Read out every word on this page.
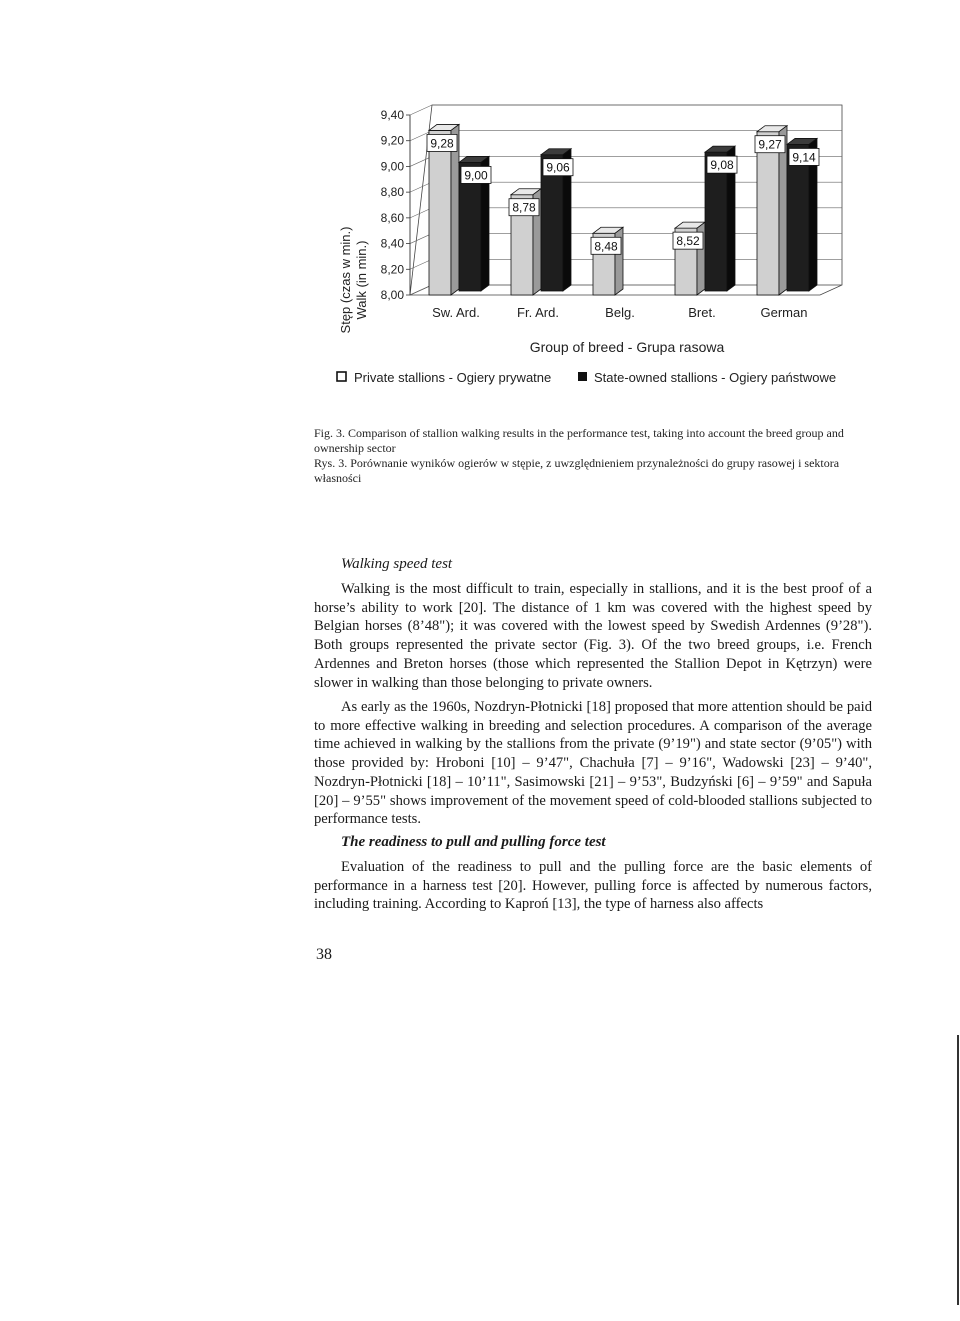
9,40
9,20
9,00
8,80
8,60
8,40
8,20
8,00
Sw. Ard.
9,28
9,00
Fr. Ard.
8,78
9,06
Belg.
8,48
Bret.
8,52
9,08
German
9,27
9,14
Stęp (czas w min.) Walk (in min.)
Group of breed - Grupa rasowa
Private stallions - Ogiery prywatne	State-owned stallions - Ogiery państwowe
Fig. 3. Comparison of stallion walking results in the performance test, taking into account the breed group and ownership sector
Rys. 3. Porównanie wyników ogierów w stępie, z uwzględnieniem przynależności do grupy rasowej i sektora własności
Walking speed test

Walking is the most difficult to train, especially in stallions, and it is the best proof of a horse’s ability to work [20]. The distance of 1 km was covered with the highest speed by Belgian horses (8’48"); it was covered with the lowest speed by Swedish Ardennes (9’28"). Both groups represented the private sector (Fig. 3). Of the two breed groups, i.e. French Ardennes and Breton horses (those which represented the Stallion Depot in Kętrzyn) were slower in walking than those belonging to private owners.

As early as the 1960s, Nozdryn-Płotnicki [18] proposed that more attention should be paid to more effective walking in breeding and selection procedures. A comparison of the average time achieved in walking by the stallions from the private (9’19") and state sector (9’05") with those provided by: Hroboni [10] – 9’47", Chachuła [7] – 9’16", Wadowski [23] – 9’40", Nozdryn-Płotnicki [18] – 10’11", Sasimowski [21] – 9’53", Budzyński [6] – 9’59" and Sapuła [20] – 9’55" shows improvement of the movement speed of cold-blooded stallions subjected to performance tests.

The readiness to pull and pulling force test

Evaluation of the readiness to pull and the pulling force are the basic elements of performance in a harness test [20]. However, pulling force is affected by numerous factors, including training. According to Kaproń [13], the type of harness also affects

38
